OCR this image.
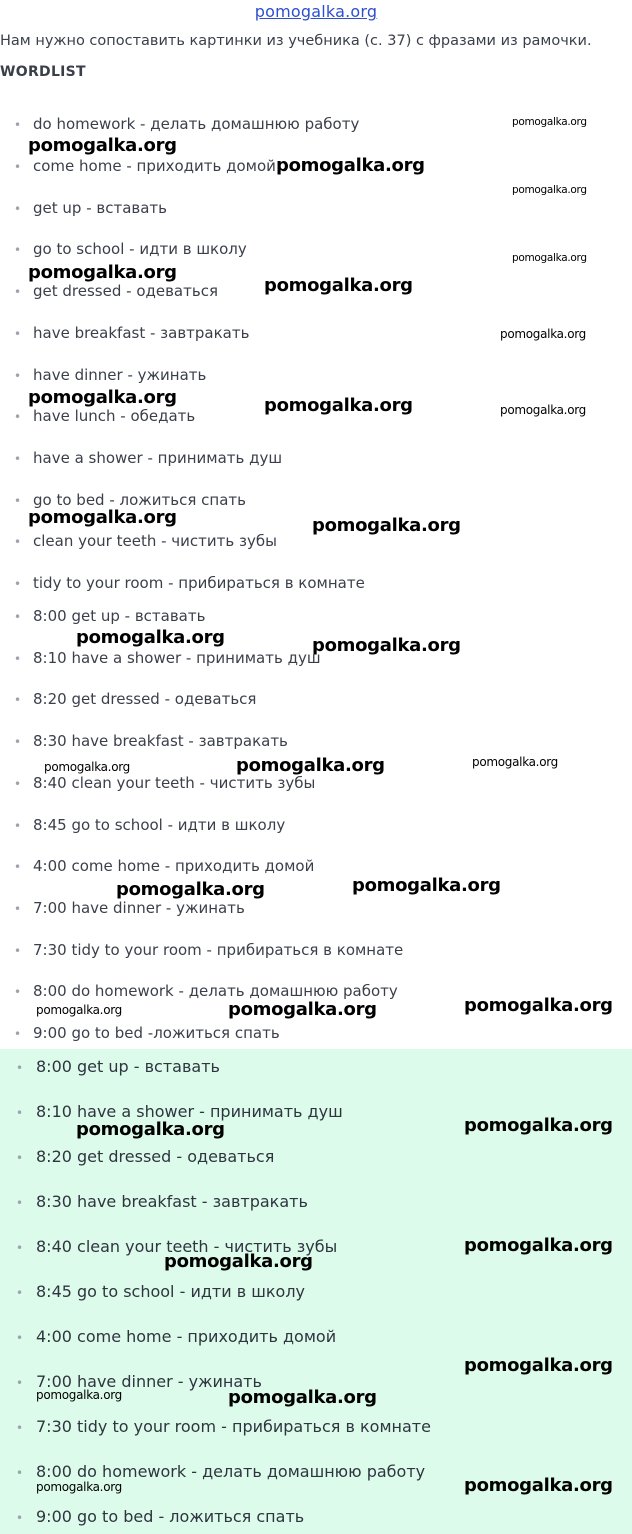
pomogalka.org
Нам нужно сопоставить картинки из учебника (с. 37) с фразами из рамочки.
WORDLIST
• do homework - делать домашнюю работу
• come home - приходить домой
• get up - вставать
• go to school - идти в школу
• get dressed - одеваться
• have breakfast - завтракать
• have dinner - ужинать
• have lunch - обедать
• have a shower - принимать душ
• go to bed - ложиться спать
• clean your teeth - чистить зубы
• tidy to your room - прибираться в комнате
• 8:00 get up - вставать
• 8:10 have a shower - принимать душ
• 8:20 get dressed - одеваться
• 8:30 have breakfast - завтракать
• 8:40 clean your teeth - чистить зубы
• 8:45 go to school - идти в школу
• 4:00 come home - приходить домой
• 7:00 have dinner - ужинать
• 7:30 tidy to your room - прибираться в комнате
• 8:00 do homework - делать домашнюю работу
• 9:00 go to bed -ложиться спать
• 8:00 get up - вставать
• 8:10 have a shower - принимать душ
• 8:20 get dressed - одеваться
• 8:30 have breakfast - завтракать
• 8:40 clean your teeth - чистить зубы
• 8:45 go to school - идти в школу
• 4:00 come home - приходить домой
• 7:00 have dinner - ужинать
• 7:30 tidy to your room - прибираться в комнате
• 8:00 do homework - делать домашнюю работу
• 9:00 go to bed - ложиться спать
pomogalka.org
pomogalka.org
pomogalka.org
pomogalka.org
pomogalka.org
pomogalka.org
pomogalka.org
pomogalka.org
pomogalka.org	pomogalka.org	pomogalka.org
pomogalka.org	pomogalka.org
pomogalka.org	pomogalka.org
pomogalka.org	pomogalka.org	pomogalka.org
pomogalka.org	pomogalka.org
pomogalka.org	pomogalka.org	pomogalka.org
pomogalka.org	pomogalka.org
pomogalka.org
pomogalka.org
pomogalka.org
pomogalka.org	pomogalka.org
pomogalka.org	pomogalka.org
